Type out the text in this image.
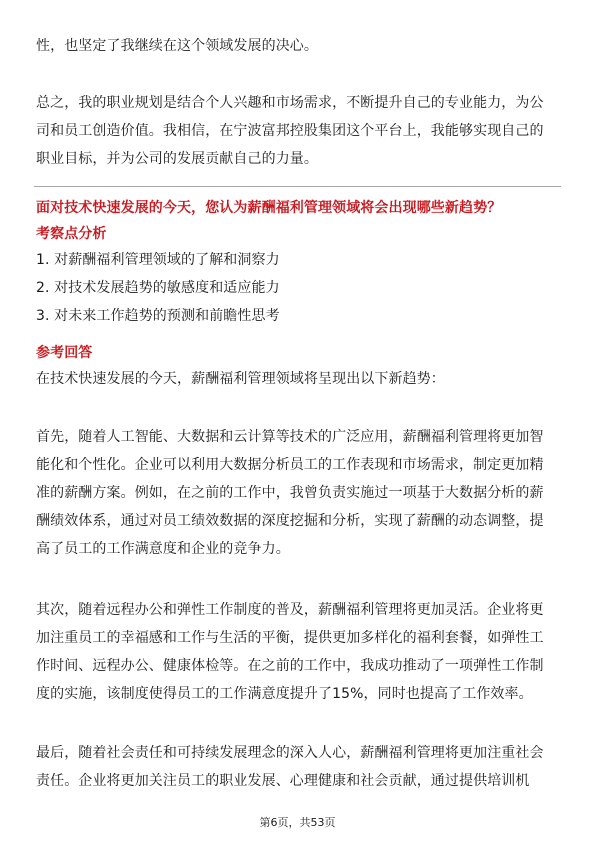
性，也坚定了我继续在这个领域发展的决心。
总之，我的职业规划是结合个人兴趣和市场需求，不断提升自己的专业能力，为公
司和员工创造价值。我相信，在宁波富邦控股集团这个平台上，我能够实现自己的
职业目标，并为公司的发展贡献自己的力量。
面对技术快速发展的今天，您认为薪酬福利管理领域将会出现哪些新趋势？
考察点分析
1. 对薪酬福利管理领域的了解和洞察力
2. 对技术发展趋势的敏感度和适应能力
3. 对未来工作趋势的预测和前瞻性思考
参考回答
在技术快速发展的今天，薪酬福利管理领域将呈现出以下新趋势：
首先，随着人工智能、大数据和云计算等技术的广泛应用，薪酬福利管理将更加智
能化和个性化。企业可以利用大数据分析员工的工作表现和市场需求，制定更加精
准的薪酬方案。例如，在之前的工作中，我曾负责实施过一项基于大数据分析的薪
酬绩效体系，通过对员工绩效数据的深度挖掘和分析，实现了薪酬的动态调整，提
高了员工的工作满意度和企业的竞争力。
其次，随着远程办公和弹性工作制度的普及，薪酬福利管理将更加灵活。企业将更
加注重员工的幸福感和工作与生活的平衡，提供更加多样化的福利套餐，如弹性工
作时间、远程办公、健康体检等。在之前的工作中，我成功推动了一项弹性工作制
度的实施，该制度使得员工的工作满意度提升了15%，同时也提高了工作效率。
最后，随着社会责任和可持续发展理念的深入人心，薪酬福利管理将更加注重社会
责任。企业将更加关注员工的职业发展、心理健康和社会贡献，通过提供培训机
第6页，共53页
